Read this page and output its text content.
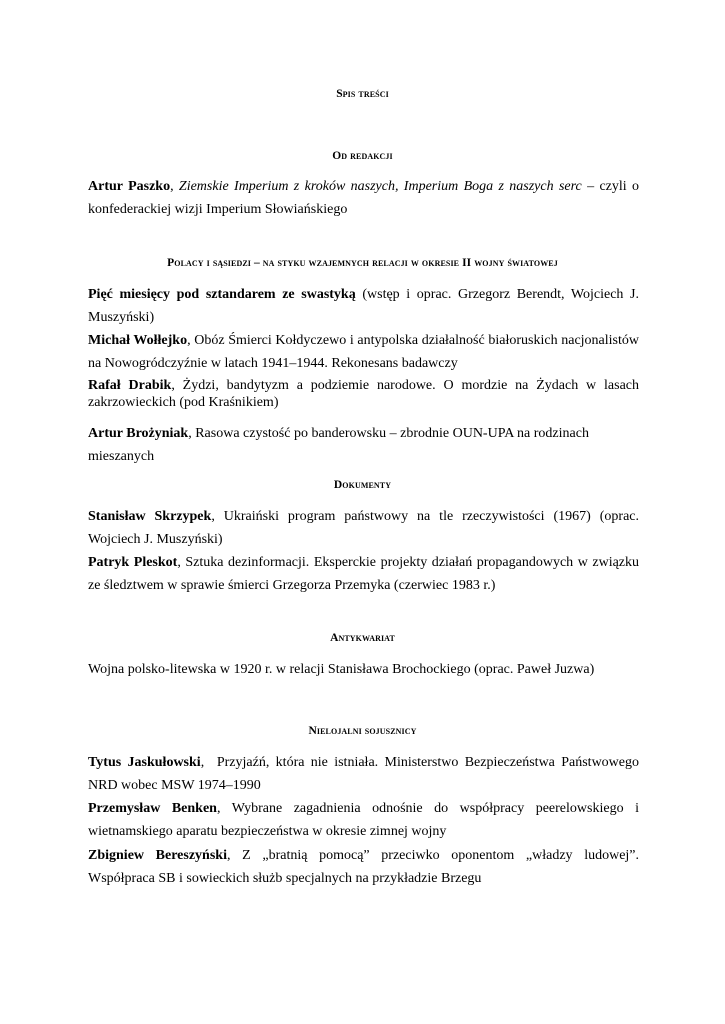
Spis treści
Od redakcji
Artur Paszko, Ziemskie Imperium z kroków naszych, Imperium Boga z naszych serc – czyli o konfederackiej wizji Imperium Słowiańskiego
Polacy i sąsiedzi – na styku wzajemnych relacji w okresie II wojny światowej
Pięć miesięcy pod sztandarem ze swastyką (wstęp i oprac. Grzegorz Berendt, Wojciech J. Muszyński)
Michał Wołłejko, Obóz Śmierci Kołdyczewo i antypolska działalność białoruskich nacjonalistów na Nowogródczyźnie w latach 1941–1944. Rekonesans badawczy
Rafał Drabik, Żydzi, bandytyzm a podziemie narodowe. O mordzie na Żydach w lasach zakrzowieckich (pod Kraśnikiem)
Artur Brożyniak, Rasowa czystość po banderowsku – zbrodnie OUN-UPA na rodzinach mieszanych
Dokumenty
Stanisław Skrzypek, Ukraiński program państwowy na tle rzeczywistości (1967) (oprac. Wojciech J. Muszyński)
Patryk Pleskot, Sztuka dezinformacji. Eksperckie projekty działań propagandowych w związku ze śledztwem w sprawie śmierci Grzegorza Przemyka (czerwiec 1983 r.)
Antykwariat
Wojna polsko-litewska w 1920 r. w relacji Stanisława Brochockiego (oprac. Paweł Juzwa)
Nielojalni sojusznicy
Tytus Jaskułowski,  Przyjaźń, która nie istniała. Ministerstwo Bezpieczeństwa Państwowego NRD wobec MSW 1974–1990
Przemysław Benken, Wybrane zagadnienia odnośnie do współpracy peerelowskiego i wietnamskiego aparatu bezpieczeństwa w okresie zimnej wojny
Zbigniew Bereszyński, Z „bratnią pomocą” przeciwko oponentom „władzy ludowej”. Współpraca SB i sowieckich służb specjalnych na przykładzie Brzegu
